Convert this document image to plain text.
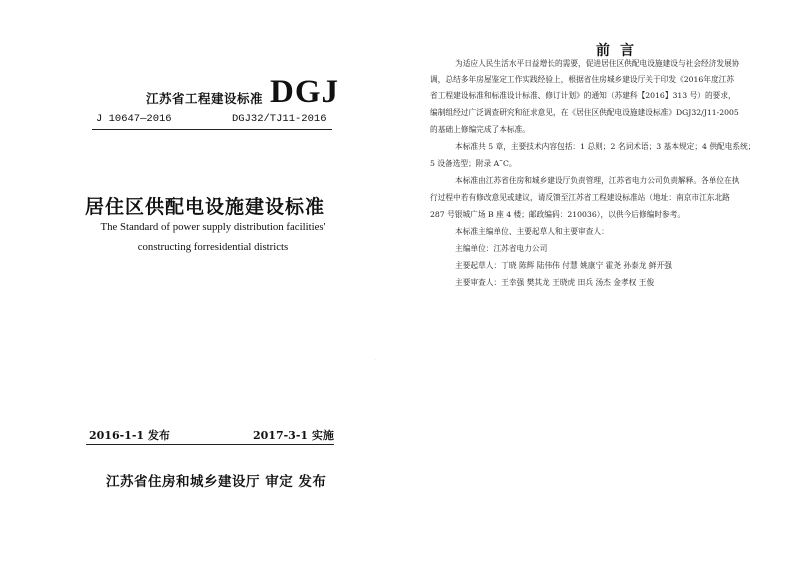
江苏省工程建设标准 DGJ
J 10647—2016	DGJ32/TJ11-2016
居住区供配电设施建设标准
The Standard of power supply distribution facilities'
constructing forresidential districts
2016-1-1 发布	2017-3-1 实施
江苏省住房和城乡建设厅 审定 发布
·
前言
为适应人民生活水平日益增长的需要，促进居住区供配电设施建设与社会经济发展协
调，总结多年房屋鉴定工作实践经验上，根据省住房城乡建设厅关于印发《2016年度江苏
省工程建设标准和标准设计标准、修订计划》的通知（苏建科【2016】313 号）的要求，
编制组经过广泛调查研究和征求意见，在《居住区供配电设施建设标准》DGJ32/J11-2005
的基础上修编完成了本标准。
本标准共 5 章，主要技术内容包括：1 总则；2 名词术语；3 基本规定；4 供配电系统；
5 设备选型；附录 A˜C。
本标准由江苏省住房和城乡建设厅负责管理，江苏省电力公司负责解释。各单位在执
行过程中若有修改意见或建议，请反馈至江苏省工程建设标准站（地址：南京市江东北路
287 号银城广场 B 座 4 楼；邮政编码：210036），以供今后修编时参考。
本标准主编单位、主要起草人和主要审查人：
主编单位：江苏省电力公司
主要起草人：丁晓 陈辉 陆伟伟 付慧 姚康宁 霍尧 孙泰龙 鲜开强
主要审查人：王幸强 樊其龙 王晓虎 田兵 汤杰 金孝权 王俊
